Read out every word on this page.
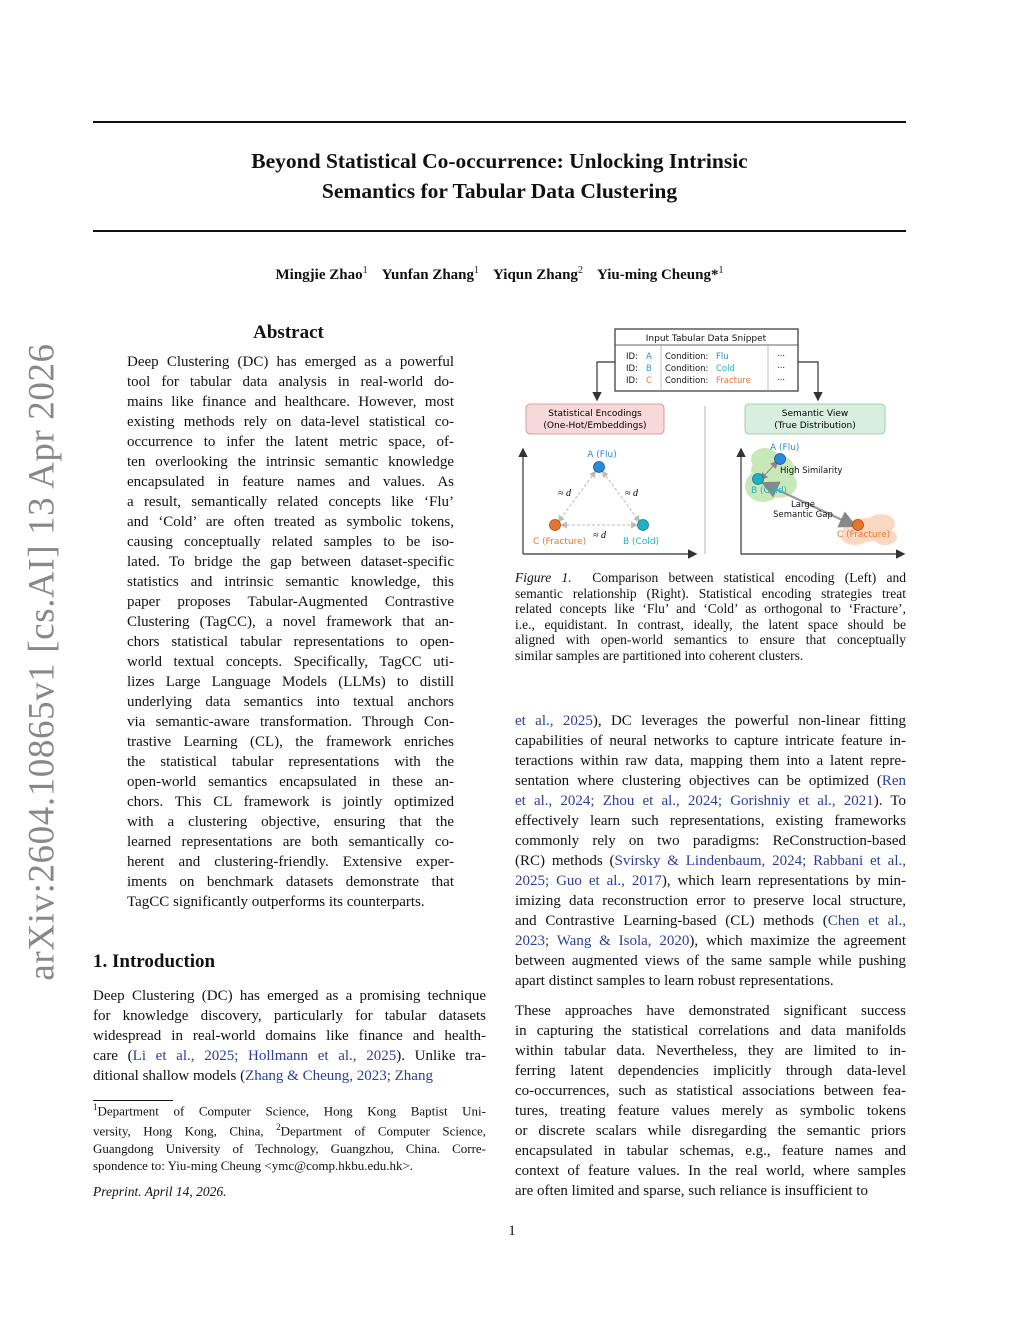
Beyond Statistical Co-occurrence: Unlocking Intrinsic
Semantics for Tabular Data Clustering
Mingjie Zhao$^1$ Yunfan Zhang$^1$ Yiqun Zhang$^2$ Yiu-ming Cheung*$^1$
arXiv:2604.10865v1 [cs.AI] 13 Apr 2026
Abstract
Deep Clustering (DC) has emerged as a powerful
tool for tabular data analysis in real-world do-
mains like finance and healthcare. However, most
existing methods rely on data-level statistical co-
occurrence to infer the latent metric space, of-
ten overlooking the intrinsic semantic knowledge
encapsulated in feature names and values. As
a result, semantically related concepts like ‘Flu’
and ‘Cold’ are often treated as symbolic tokens,
causing conceptually related samples to be iso-
lated. To bridge the gap between dataset-specific
statistics and intrinsic semantic knowledge, this
paper proposes Tabular-Augmented Contrastive
Clustering (TagCC), a novel framework that an-
chors statistical tabular representations to open-
world textual concepts. Specifically, TagCC uti-
lizes Large Language Models (LLMs) to distill
underlying data semantics into textual anchors
via semantic-aware transformation. Through Con-
trastive Learning (CL), the framework enriches
the statistical tabular representations with the
open-world semantics encapsulated in these an-
chors. This CL framework is jointly optimized
with a clustering objective, ensuring that the
learned representations are both semantically co-
herent and clustering-friendly. Extensive exper-
iments on benchmark datasets demonstrate that
TagCC significantly outperforms its counterparts.
1. Introduction
Deep Clustering (DC) has emerged as a promising technique
for knowledge discovery, particularly for tabular datasets
widespread in real-world domains like finance and health-
care (Li et al., 2025; Hollmann et al., 2025). Unlike tra-
ditional shallow models (Zhang & Cheung, 2023; Zhang
$^1$Department of Computer Science, Hong Kong Baptist Uni-
versity, Hong Kong, China, $^2$Department of Computer Science,
Guangdong University of Technology, Guangzhou, China. Corre-
spondence to: Yiu-ming Cheung <ymc@comp.hkbu.edu.hk>.
Preprint. April 14, 2026.
1
Input Tabular Data Snippet
ID: A Condition: Flu	...
ID: B Condition: Cold	...
ID: C Condition: Fracture	...
Statistical Encodings
(One-Hot/Embeddings)
Semantic View
(True Distribution)
A (Flu)
C (Fracture)	B (Cold)
≈ d	≈ d
≈ d
A (Flu)
B (Cold)
C (Fracture)
High Similarity
Large
Semantic Gap
Figure 1. Comparison between statistical encoding (Left) and
semantic relationship (Right). Statistical encoding strategies treat
related concepts like ‘Flu’ and ‘Cold’ as orthogonal to ‘Fracture’,
i.e., equidistant. In contrast, ideally, the latent space should be
aligned with open-world semantics to ensure that conceptually
similar samples are partitioned into coherent clusters.
et al., 2025), DC leverages the powerful non-linear fitting
capabilities of neural networks to capture intricate feature in-
teractions within raw data, mapping them into a latent repre-
sentation where clustering objectives can be optimized (Ren
et al., 2024; Zhou et al., 2024; Gorishniy et al., 2021). To
effectively learn such representations, existing frameworks
commonly rely on two paradigms: ReConstruction-based
(RC) methods (Svirsky & Lindenbaum, 2024; Rabbani et al.,
2025; Guo et al., 2017), which learn representations by min-
imizing data reconstruction error to preserve local structure,
and Contrastive Learning-based (CL) methods (Chen et al.,
2023; Wang & Isola, 2020), which maximize the agreement
between augmented views of the same sample while pushing
apart distinct samples to learn robust representations.
These approaches have demonstrated significant success
in capturing the statistical correlations and data manifolds
within tabular data. Nevertheless, they are limited to in-
ferring latent dependencies implicitly through data-level
co-occurrences, such as statistical associations between fea-
tures, treating feature values merely as symbolic tokens
or discrete scalars while disregarding the semantic priors
encapsulated in tabular schemas, e.g., feature names and
context of feature values. In the real world, where samples
are often limited and sparse, such reliance is insufficient to
